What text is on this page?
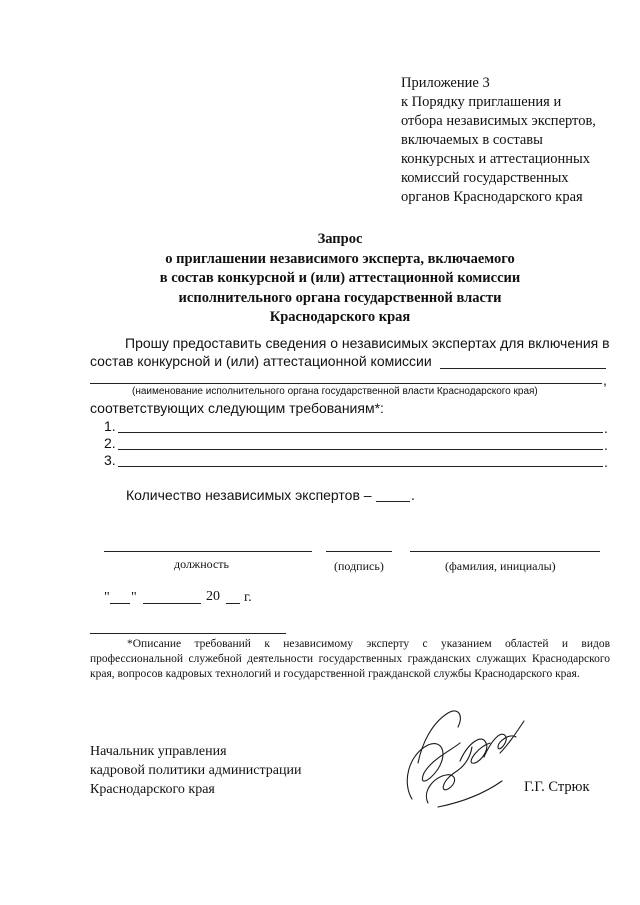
Приложение 3
к Порядку приглашения и
отбора независимых экспертов,
включаемых в составы
конкурсных и аттестационных
комиссий государственных
органов Краснодарского края
Запрос
о приглашении независимого эксперта, включаемого
в состав конкурсной и (или) аттестационной комиссии
исполнительного органа государственной власти
Краснодарского края
Прошу предоставить сведения о независимых экспертах для включения в
состав конкурсной и (или) аттестационной комиссии
,
(наименование исполнительного органа государственной власти Краснодарского края)
соответствующих следующим требованиям*:
1.	.
2.	.
3.	.
Количество независимых экспертов –	.
должность	(подпись)	(фамилия, инициалы)
" "	20 г.
*Описание требований к независимому эксперту с указанием областей и видов профессиональной служебной деятельности государственных гражданских служащих Краснодарского края, вопросов кадровых технологий и государственной гражданской службы Краснодарского края.
Начальник управления
кадровой политики администрации
Краснодарского края	Г.Г. Стрюк
